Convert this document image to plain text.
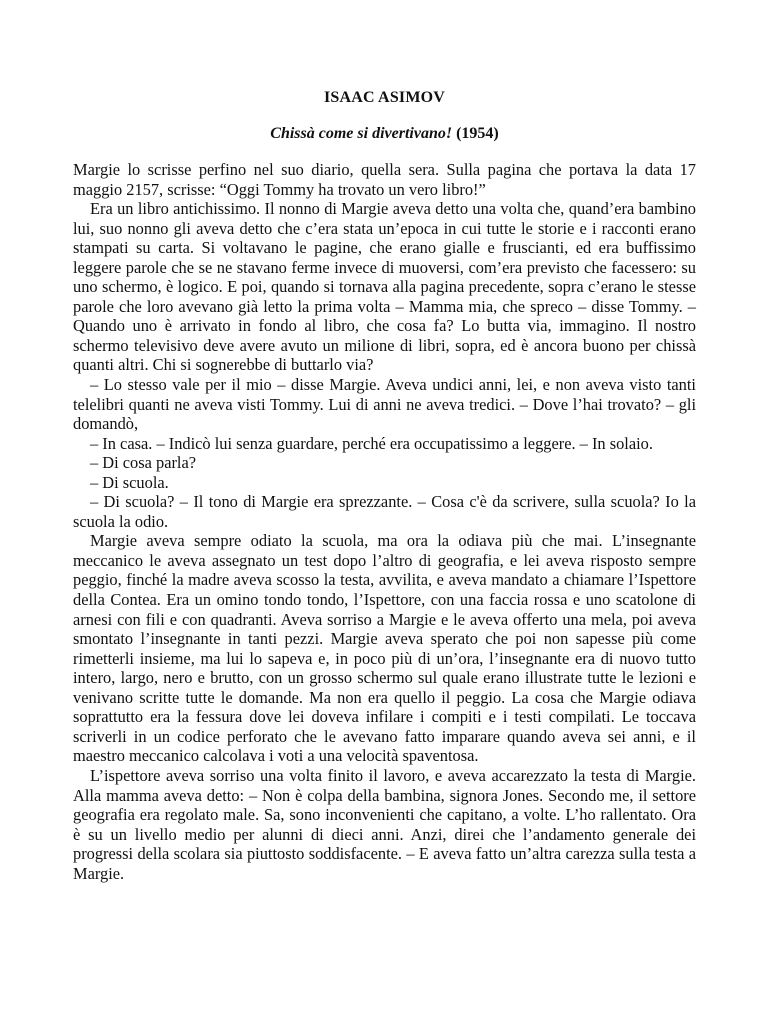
ISAAC ASIMOV
Chissà come si divertivano! (1954)

Margie lo scrisse perfino nel suo diario, quella sera. Sulla pagina che portava la data 17 maggio 2157, scrisse: “Oggi Tommy ha trovato un vero libro!”

Era un libro antichissimo. Il nonno di Margie aveva detto una volta che, quand’era bambino lui, suo nonno gli aveva detto che c’era stata un’epoca in cui tutte le storie e i racconti erano stampati su carta. Si voltavano le pagine, che erano gialle e fruscianti, ed era buffissimo leggere parole che se ne stavano ferme invece di muoversi, com’era previsto che facessero: su uno schermo, è logico. E poi, quando si tornava alla pagina precedente, sopra c’erano le stesse parole che loro avevano già letto la prima volta – Mamma mia, che spreco – disse Tommy. – Quando uno è arrivato in fondo al libro, che cosa fa? Lo butta via, immagino. Il nostro schermo televisivo deve avere avuto un milione di libri, sopra, ed è ancora buono per chissà quanti altri. Chi si sognerebbe di buttarlo via?

– Lo stesso vale per il mio – disse Margie. Aveva undici anni, lei, e non aveva visto tanti telelibri quanti ne aveva visti Tommy. Lui di anni ne aveva tredici. – Dove l’hai trovato? – gli domandò,

– In casa. – Indicò lui senza guardare, perché era occupatissimo a leggere. – In solaio.

– Di cosa parla?

– Di scuola.

– Di scuola? – Il tono di Margie era sprezzante. – Cosa c'è da scrivere, sulla scuola? Io la scuola la odio.

Margie aveva sempre odiato la scuola, ma ora la odiava più che mai. L’insegnante meccanico le aveva assegnato un test dopo l’altro di geografia, e lei aveva risposto sempre peggio, finché la madre aveva scosso la testa, avvilita, e aveva mandato a chiamare l’Ispettore della Contea. Era un omino tondo tondo, l’Ispettore, con una faccia rossa e uno scatolone di arnesi con fili e con quadranti. Aveva sorriso a Margie e le aveva offerto una mela, poi aveva smontato l’insegnante in tanti pezzi. Margie aveva sperato che poi non sapesse più come rimetterli insieme, ma lui lo sapeva e, in poco più di un’ora, l’insegnante era di nuovo tutto intero, largo, nero e brutto, con un grosso schermo sul quale erano illustrate tutte le lezioni e venivano scritte tutte le domande. Ma non era quello il peggio. La cosa che Margie odiava soprattutto era la fessura dove lei doveva infilare i compiti e i testi compilati. Le toccava scriverli in un codice perforato che le avevano fatto imparare quando aveva sei anni, e il maestro meccanico calcolava i voti a una velocità spaventosa.

L’ispettore aveva sorriso una volta finito il lavoro, e aveva accarezzato la testa di Margie. Alla mamma aveva detto: – Non è colpa della bambina, signora Jones. Secondo me, il settore geografia era regolato male. Sa, sono inconvenienti che capitano, a volte. L’ho rallentato. Ora è su un livello medio per alunni di dieci anni. Anzi, direi che l’andamento generale dei progressi della scolara sia piuttosto soddisfacente. – E aveva fatto un’altra carezza sulla testa a Margie.
